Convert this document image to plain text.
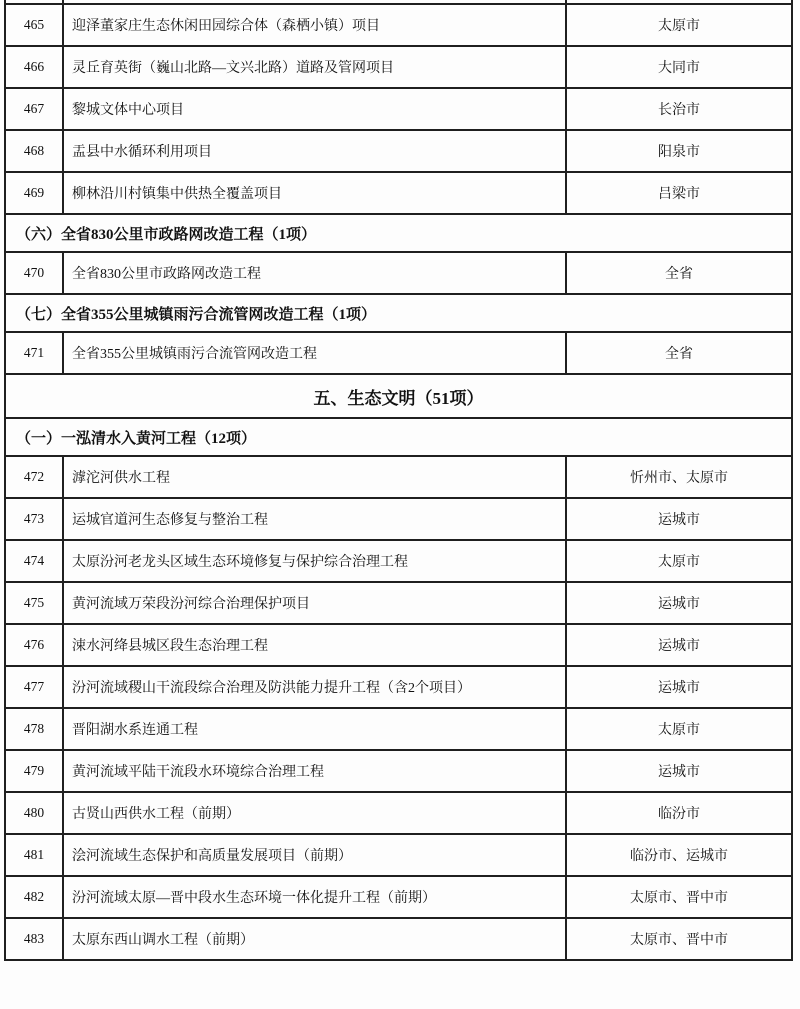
465	迎泽董家庄生态休闲田园综合体（森栖小镇）项目	太原市
466	灵丘育英街（巍山北路—文兴北路）道路及管网项目	大同市
467	黎城文体中心项目	长治市
468	盂县中水循环利用项目	阳泉市
469	柳林沿川村镇集中供热全覆盖项目	吕梁市
（六）全省830公里市政路网改造工程（1项）		
470	全省830公里市政路网改造工程	全省
（七）全省355公里城镇雨污合流管网改造工程（1项）		
471	全省355公里城镇雨污合流管网改造工程	全省
五、生态文明（51项）		
（一）一泓清水入黄河工程（12项）		
472	滹沱河供水工程	忻州市、太原市
473	运城官道河生态修复与整治工程	运城市
474	太原汾河老龙头区域生态环境修复与保护综合治理工程	太原市
475	黄河流域万荣段汾河综合治理保护项目	运城市
476	涑水河绛县城区段生态治理工程	运城市
477	汾河流域稷山干流段综合治理及防洪能力提升工程（含2个项目）	运城市
478	晋阳湖水系连通工程	太原市
479	黄河流域平陆干流段水环境综合治理工程	运城市
480	古贤山西供水工程（前期）	临汾市
481	浍河流域生态保护和高质量发展项目（前期）	临汾市、运城市
482	汾河流域太原—晋中段水生态环境一体化提升工程（前期）	太原市、晋中市
483	太原东西山调水工程（前期）	太原市、晋中市
